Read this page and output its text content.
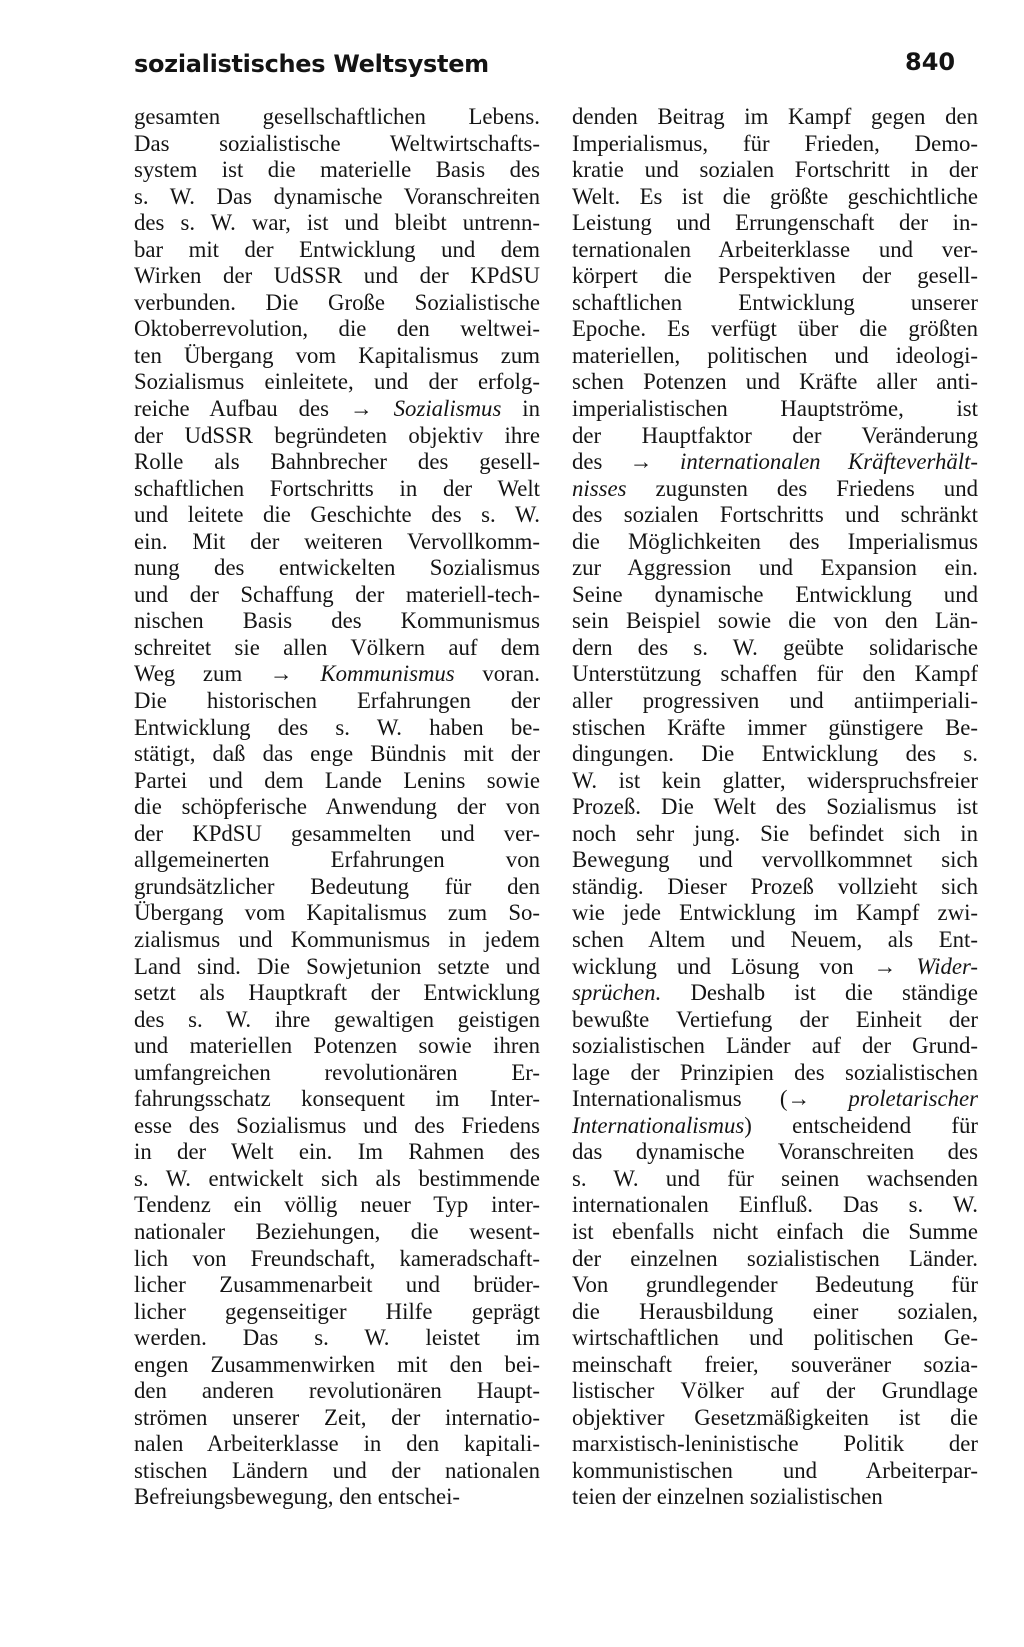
sozialistisches Weltsystem	840
gesamten gesellschaftlichen Lebens.
Das sozialistische Weltwirtschafts-
system ist die materielle Basis des
s. W. Das dynamische Voranschreiten
des s. W. war, ist und bleibt untrenn-
bar mit der Entwicklung und dem
Wirken der UdSSR und der KPdSU
verbunden. Die Große Sozialistische
Oktoberrevolution, die den weltwei-
ten Übergang vom Kapitalismus zum
Sozialismus einleitete, und der erfolg-
reiche Aufbau des → Sozialismus in
der UdSSR begründeten objektiv ihre
Rolle als Bahnbrecher des gesell-
schaftlichen Fortschritts in der Welt
und leitete die Geschichte des s. W.
ein. Mit der weiteren Vervollkomm-
nung des entwickelten Sozialismus
und der Schaffung der materiell-tech-
nischen Basis des Kommunismus
schreitet sie allen Völkern auf dem
Weg zum → Kommunismus voran.
Die historischen Erfahrungen der
Entwicklung des s. W. haben be-
stätigt, daß das enge Bündnis mit der
Partei und dem Lande Lenins sowie
die schöpferische Anwendung der von
der KPdSU gesammelten und ver-
allgemeinerten Erfahrungen von
grundsätzlicher Bedeutung für den
Übergang vom Kapitalismus zum So-
zialismus und Kommunismus in jedem
Land sind. Die Sowjetunion setzte und
setzt als Hauptkraft der Entwicklung
des s. W. ihre gewaltigen geistigen
und materiellen Potenzen sowie ihren
umfangreichen revolutionären Er-
fahrungsschatz konsequent im Inter-
esse des Sozialismus und des Friedens
in der Welt ein. Im Rahmen des
s. W. entwickelt sich als bestimmende
Tendenz ein völlig neuer Typ inter-
nationaler Beziehungen, die wesent-
lich von Freundschaft, kameradschaft-
licher Zusammenarbeit und brüder-
licher gegenseitiger Hilfe geprägt
werden. Das s. W. leistet im
engen Zusammenwirken mit den bei-
den anderen revolutionären Haupt-
strömen unserer Zeit, der internatio-
nalen Arbeiterklasse in den kapitali-
stischen Ländern und der nationalen
Befreiungsbewegung, den entschei-
denden Beitrag im Kampf gegen den
Imperialismus, für Frieden, Demo-
kratie und sozialen Fortschritt in der
Welt. Es ist die größte geschichtliche
Leistung und Errungenschaft der in-
ternationalen Arbeiterklasse und ver-
körpert die Perspektiven der gesell-
schaftlichen Entwicklung unserer
Epoche. Es verfügt über die größten
materiellen, politischen und ideologi-
schen Potenzen und Kräfte aller anti-
imperialistischen Hauptströme, ist
der Hauptfaktor der Veränderung
des → internationalen Kräfteverhält-
nisses zugunsten des Friedens und
des sozialen Fortschritts und schränkt
die Möglichkeiten des Imperialismus
zur Aggression und Expansion ein.
Seine dynamische Entwicklung und
sein Beispiel sowie die von den Län-
dern des s. W. geübte solidarische
Unterstützung schaffen für den Kampf
aller progressiven und antiimperiali-
stischen Kräfte immer günstigere Be-
dingungen. Die Entwicklung des s.
W. ist kein glatter, widerspruchsfreier
Prozeß. Die Welt des Sozialismus ist
noch sehr jung. Sie befindet sich in
Bewegung und vervollkommnet sich
ständig. Dieser Prozeß vollzieht sich
wie jede Entwicklung im Kampf zwi-
schen Altem und Neuem, als Ent-
wicklung und Lösung von → Wider-
sprüchen. Deshalb ist die ständige
bewußte Vertiefung der Einheit der
sozialistischen Länder auf der Grund-
lage der Prinzipien des sozialistischen
Internationalismus (→ proletarischer
Internationalismus) entscheidend für
das dynamische Voranschreiten des
s. W. und für seinen wachsenden
internationalen Einfluß. Das s. W.
ist ebenfalls nicht einfach die Summe
der einzelnen sozialistischen Länder.
Von grundlegender Bedeutung für
die Herausbildung einer sozialen,
wirtschaftlichen und politischen Ge-
meinschaft freier, souveräner sozia-
listischer Völker auf der Grundlage
objektiver Gesetzmäßigkeiten ist die
marxistisch-leninistische Politik der
kommunistischen und Arbeiterpar-
teien der einzelnen sozialistischen
